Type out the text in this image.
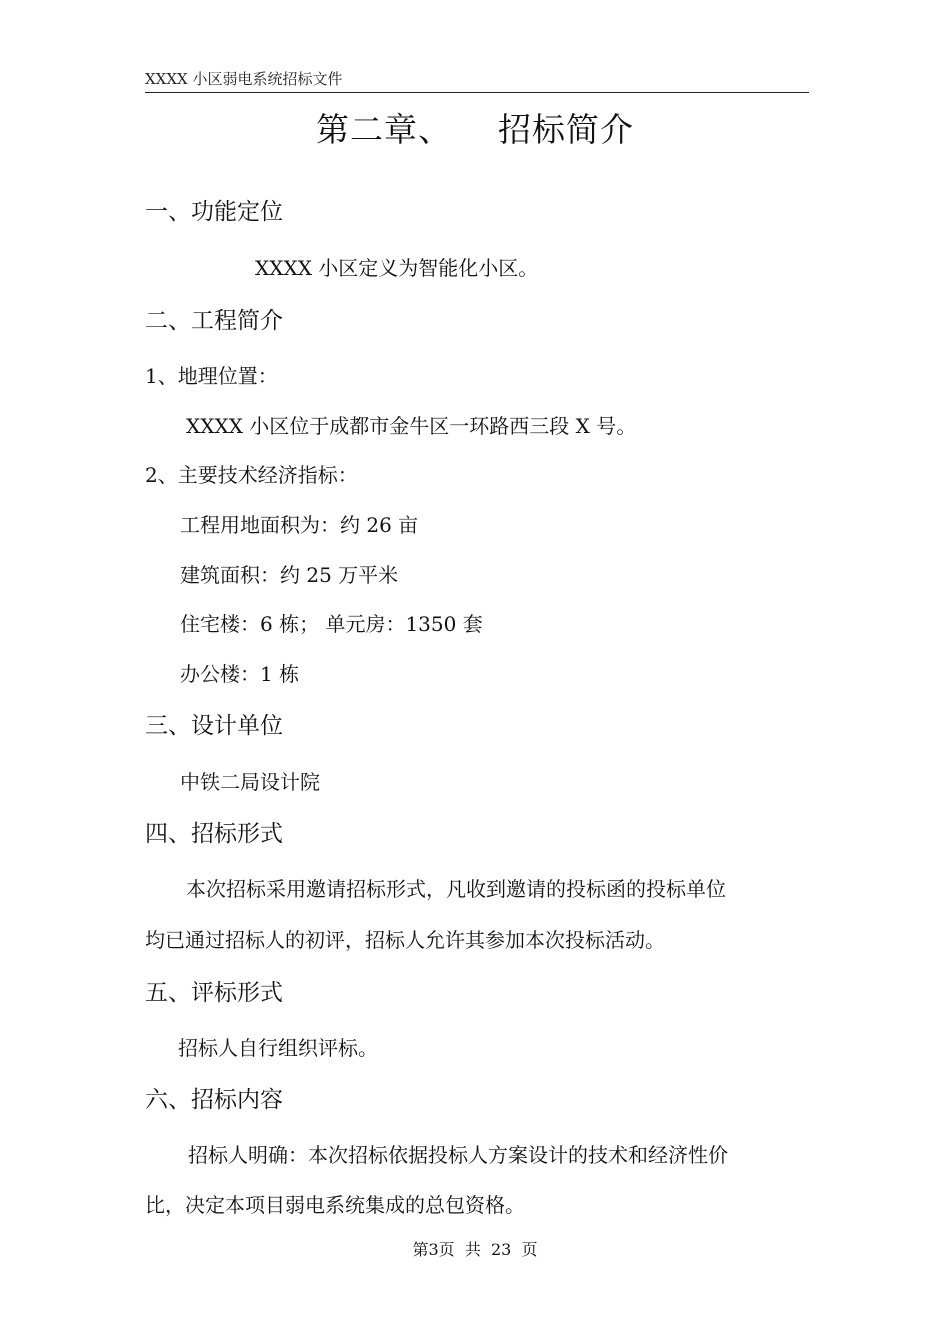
XXXX 小区弱电系统招标文件
第二章、    招标简介
一、功能定位
XXXX 小区定义为智能化小区。
二、工程简介
1、地理位置：
XXXX 小区位于成都市金牛区一环路西三段 X 号。
2、主要技术经济指标：
工程用地面积为：约 26 亩
建筑面积：约 25 万平米
住宅楼：6 栋； 单元房：1350 套
办公楼：1 栋
三、设计单位
中铁二局设计院
四、招标形式
本次招标采用邀请招标形式，凡收到邀请的投标函的投标单位
均已通过招标人的初评，招标人允许其参加本次投标活动。
五、评标形式
招标人自行组织评标。
六、招标内容
招标人明确：本次招标依据投标人方案设计的技术和经济性价
比，决定本项目弱电系统集成的总包资格。
第3页  共  23  页
